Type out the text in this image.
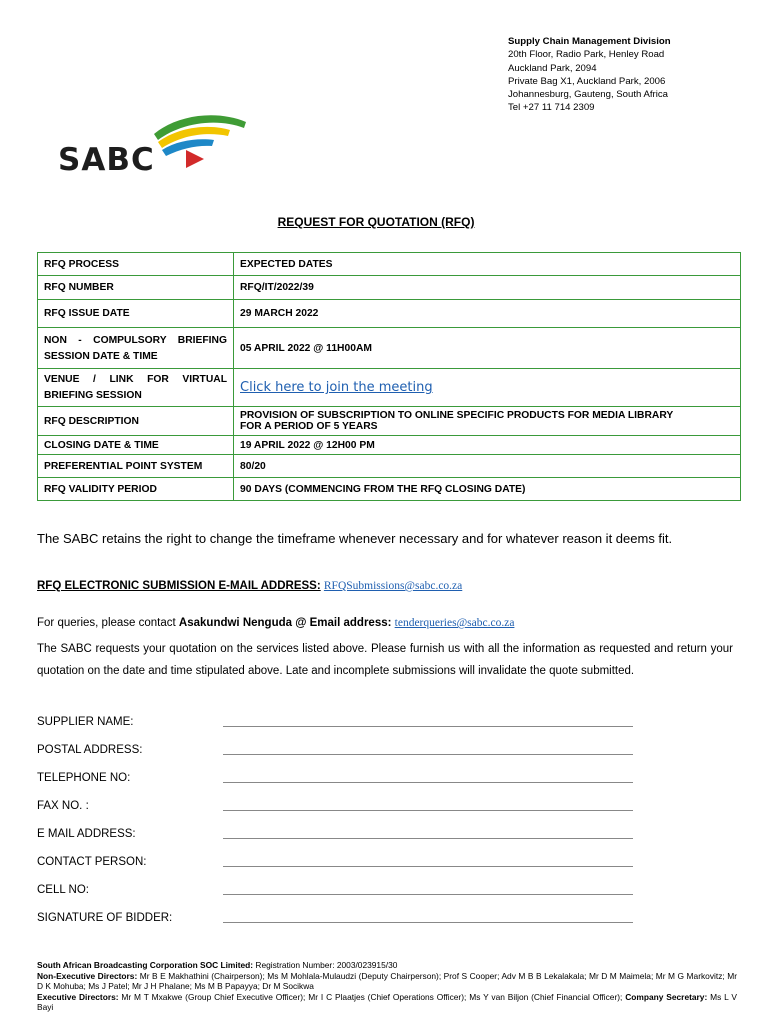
Supply Chain Management Division
20th Floor, Radio Park, Henley Road
Auckland Park, 2094
Private Bag X1, Auckland Park, 2006
Johannesburg, Gauteng, South Africa
Tel +27 11 714 2309
SABC
REQUEST FOR QUOTATION (RFQ)
RFQ PROCESS	EXPECTED DATES
RFQ NUMBER	RFQ/IT/2022/39
RFQ ISSUE DATE	29 MARCH 2022

NON - COMPULSORY BRIEFING
SESSION DATE & TIME	05 APRIL 2022 @ 11H00AM

VENUE / LINK FOR VIRTUAL
BRIEFING SESSION	Click here to join the meeting
RFQ DESCRIPTION	PROVISION OF SUBSCRIPTION TO ONLINE SPECIFIC PRODUCTS FOR MEDIA LIBRARY
FOR A PERIOD OF 5 YEARS

CLOSING DATE & TIME	19 APRIL 2022 @ 12H00 PM
PREFERENTIAL POINT SYSTEM	80/20
RFQ VALIDITY PERIOD	90 DAYS (COMMENCING FROM THE RFQ CLOSING DATE)
The SABC retains the right to change the timeframe whenever necessary and for whatever reason it deems fit.
RFQ ELECTRONIC SUBMISSION E-MAIL ADDRESS: RFQSubmissions@sabc.co.za
For queries, please contact Asakundwi Nenguda @ Email address: tenderqueries@sabc.co.za
The SABC requests your quotation on the services listed above. Please furnish us with all the information as requested and return your quotation on the date and time stipulated above. Late and incomplete submissions will invalidate the quote submitted.
SUPPLIER NAME:
POSTAL ADDRESS:
TELEPHONE NO:
FAX NO. :
E MAIL ADDRESS:
CONTACT PERSON:
CELL NO:
SIGNATURE OF BIDDER:
South African Broadcasting Corporation SOC Limited: Registration Number: 2003/023915/30
Non-Executive Directors: Mr B E Makhathini (Chairperson); Ms M Mohlala-Mulaudzi (Deputy Chairperson); Prof S Cooper; Adv M B B Lekalakala; Mr D M Maimela; Mr M G Markovitz; Mr D K Mohuba; Ms J Patel; Mr J H Phalane; Ms M B Papayya; Dr M Socikwa
Executive Directors: Mr M T Mxakwe (Group Chief Executive Officer); Mr I C Plaatjes (Chief Operations Officer); Ms Y van Biljon (Chief Financial Officer); Company Secretary: Ms L V Bayi
